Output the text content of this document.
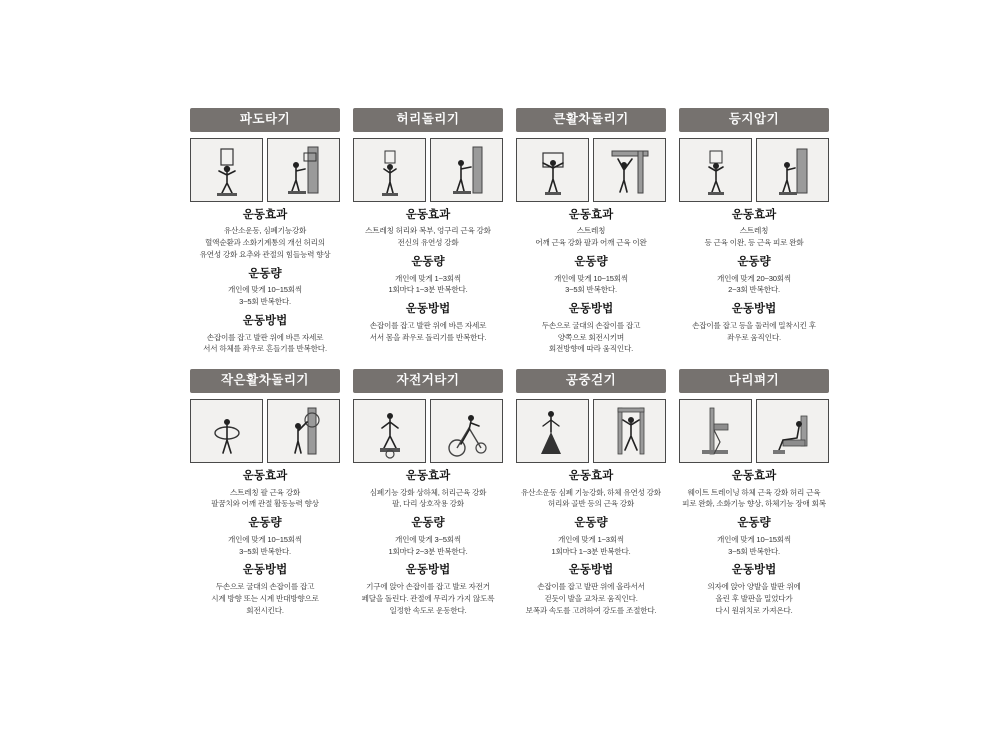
파도타기
운동효과
유산소운동, 심폐기능강화
혈액순환과 소화기계통의 개선 허리의
유연성 강화 요추와 관절의 힘들능력 향상
운동량
개인에 맞게 10~15회씩
3~5회 반복한다.
운동방법
손잡이를 잡고 발판 위에 바른 자세로
서서 하체를 좌우로 흔들기를 반복한다.
허리돌리기
운동효과
스트레칭 허리와 복부, 엉구리 근육 강화
전신의 유연성 강화
운동량
개인에 맞게 1~3회씩
1회마다 1~3분 반복한다.
운동방법
손잡이를 잡고 발판 위에 바른 자세로
서서 몸을 좌우로 돌리기를 반복한다.
큰활차돌리기
운동효과
스트레칭
어깨 근육 강화 팔과 어깨 근육 이완
운동량
개인에 맞게 10~15회씩
3~5회 반복한다.
운동방법
두손으로 굴대의 손잡이를 잡고
양쪽으로 회전시키며
회전방향에 따라 움직인다.
등지압기
운동효과
스트레칭
등 근육 이완, 등 근육 피로 완화
운동량
개인에 맞게 20~30회씩
2~3회 반복한다.
운동방법
손잡이를 잡고 등을 둘러에 밀착시킨 후
좌우로 움직인다.
작은활차돌리기
운동효과
스트레칭 팔 근육 강화
팔꿈치와 어깨 관절 활동능력 향상
운동량
개인에 맞게 10~15회씩
3~5회 반복한다.
운동방법
두손으로 굴대의 손잡이를 잡고
시계 방향 또는 시계 반대방향으로
회전시킨다.
자전거타기
운동효과
심폐기능 강화 상하체, 허리근육 강화
팔, 다리 상호작용 강화
운동량
개인에 맞게 3~5회씩
1회마다 2~3분 반복한다.
운동방법
기구에 앉아 손잡이를 잡고 발로 자전거
페달을 돌린다. 관절에 무리가 가지 않도록
일정한 속도로 운동한다.
공중걷기
운동효과
유산소운동 심폐 기능강화, 하체 유연성 강화
허리와 골반 등의 근육 강화
운동량
개인에 맞게 1~3회씩
1회마다 1~3분 반복한다.
운동방법
손잡이를 잡고 발판 위에 올라서서
걷듯이 발을 교차로 움직인다.
보폭과 속도를 고려하여 강도를 조절한다.
다리펴기
운동효과
웨이트 트레이닝 하체 근육 강화 허리 근육
피로 완화, 소화기능 향상, 하체기능 장애 회복
운동량
개인에 맞게 10~15회씩
3~5회 반복한다.
운동방법
의자에 앉아 양발을 발판 위에
올린 후 발판을 밀었다가
다시 원위치로 가져온다.
